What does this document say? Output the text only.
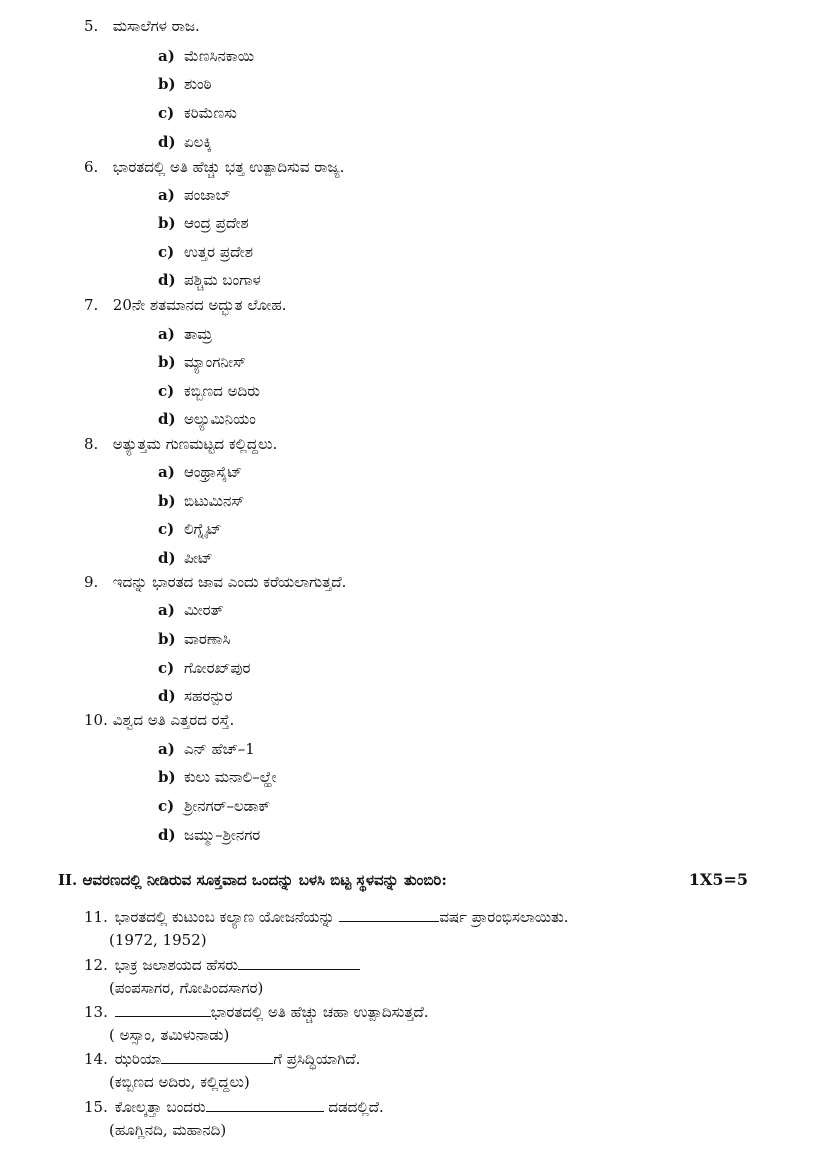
5. ಮಸಾಲೆಗಳ ರಾಜ.
a) ಮೆಣಸಿನಕಾಯಿ
b) ಶುಂಠಿ
c) ಕರಿಮೆಣಸು
d) ಏಲಕ್ಕಿ
6. ಭಾರತದಲ್ಲಿ ಅತಿ ಹೆಚ್ಚು ಭತ್ತ ಉತ್ಪಾದಿಸುವ ರಾಜ್ಯ.
a) ಪಂಜಾಬ್
b) ಆಂದ್ರ ಪ್ರದೇಶ
c) ಉತ್ತರ ಪ್ರದೇಶ
d) ಪಶ್ಚಿಮ ಬಂಗಾಳ
7. 20ನೇ ಶತಮಾನದ ಅದ್ಭುತ ಲೋಹ.
a) ತಾಮ್ರ
b) ಮ್ಯಾಂಗನೀಸ್
c) ಕಬ್ಬಿಣದ ಅದಿರು
d) ಅಲ್ಯುಮಿನಿಯಂ
8. ಅತ್ಯುತ್ತಮ ಗುಣಮಟ್ಟದ ಕಲ್ಲಿದ್ದಲು.
a) ಆಂಥ್ರಾಸೈಟ್
b) ಬಿಟುಮಿನಸ್
c) ಲಿಗ್ನೈಟ್
d) ಪೀಟ್
9. ಇದನ್ನು ಭಾರತದ ಜಾವ ಎಂದು ಕರೆಯಲಾಗುತ್ತದೆ.
a) ಮೀರತ್
b) ವಾರಣಾಸಿ
c) ಗೋರಖ್‌ಪುರ
d) ಸಹರನ್ಪುರ
10. ವಿಶ್ವದ ಅತಿ ಎತ್ತರದ ರಸ್ತೆ.
a) ಎನ್ ಹೆಚ್–1
b) ಕುಲು ಮನಾಲಿ–ಲ್ಹೇ
c) ಶ್ರೀನಗರ್–ಲಡಾಕ್
d) ಜಮ್ಮು–ಶ್ರೀನಗರ
II. ಆವರಣದಲ್ಲಿ ನೀಡಿರುವ ಸೂಕ್ತವಾದ ಒಂದನ್ನು ಬಳಸಿ ಬಿಟ್ಟ ಸ್ಥಳವನ್ನು ತುಂಬಿರಿ:	1X5=5
11. ಭಾರತದಲ್ಲಿ ಕುಟುಂಬ ಕಲ್ಯಾಣ ಯೋಜನೆಯನ್ನು	ವರ್ಷ ಪ್ರಾರಂಭಿಸಲಾಯಿತು.
(1972, 1952)
12. ಭಾಕ್ರ ಜಲಾಶಯದ ಹೆಸರು
(ಪಂಪಸಾಗರ, ಗೋಪಿಂದಸಾಗರ)
13.	ಭಾರತದಲ್ಲಿ ಅತಿ ಹೆಚ್ಚು ಚಹಾ ಉತ್ಪಾದಿಸುತ್ತದೆ.
( ಅಸ್ಸಾಂ, ತಮಿಳುನಾಡು)
14. ಝರಿಯಾ	ಗೆ ಪ್ರಸಿದ್ಧಿಯಾಗಿದೆ.
(ಕಬ್ಬಿಣದ ಅದಿರು, ಕಲ್ಲಿದ್ದಲು)
15. ಕೋಲ್ಕತ್ತಾ ಬಂದರು	ದಡದಲ್ಲಿದೆ.
(ಹೂಗ್ಲಿನದಿ, ಮಹಾನದಿ)
